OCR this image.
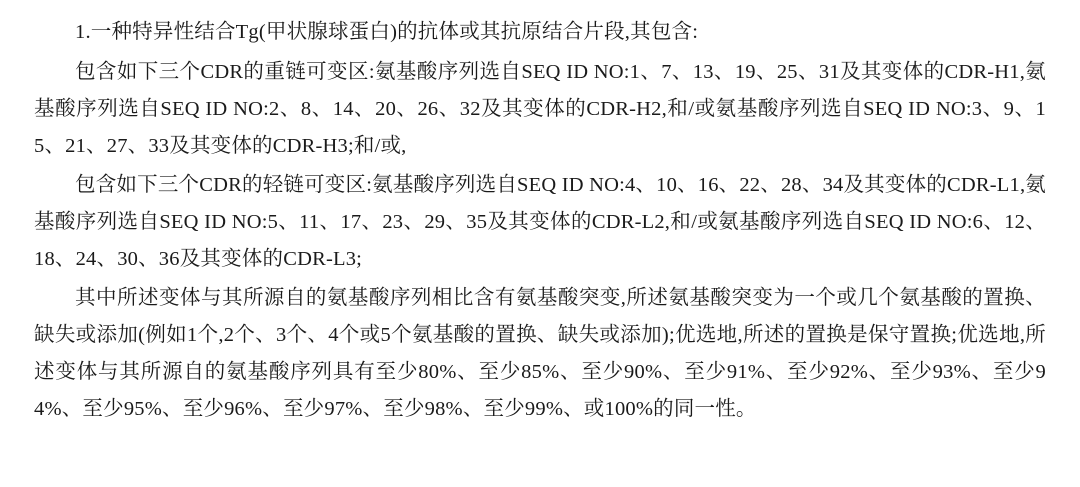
1.一种特异性结合Tg(甲状腺球蛋白)的抗体或其抗原结合片段,其包含:

包含如下三个CDR的重链可变区:氨基酸序列选自SEQ ID NO:1、7、13、19、25、31及其变体的CDR-H1,氨基酸序列选自SEQ ID NO:2、8、14、20、26、32及其变体的CDR-H2,和/或氨基酸序列选自SEQ ID NO:3、9、15、21、27、33及其变体的CDR-H3;和/或,

包含如下三个CDR的轻链可变区:氨基酸序列选自SEQ ID NO:4、10、16、22、28、34及其变体的CDR-L1,氨基酸序列选自SEQ ID NO:5、11、17、23、29、35及其变体的CDR-L2,和/或氨基酸序列选自SEQ ID NO:6、12、18、24、30、36及其变体的CDR-L3;

其中所述变体与其所源自的氨基酸序列相比含有氨基酸突变,所述氨基酸突变为一个或几个氨基酸的置换、缺失或添加(例如1个,2个、3个、4个或5个氨基酸的置换、缺失或添加);优选地,所述的置换是保守置换;优选地,所述变体与其所源自的氨基酸序列具有至少80%、至少85%、至少90%、至少91%、至少92%、至少93%、至少94%、至少95%、至少96%、至少97%、至少98%、至少99%、或100%的同一性。
